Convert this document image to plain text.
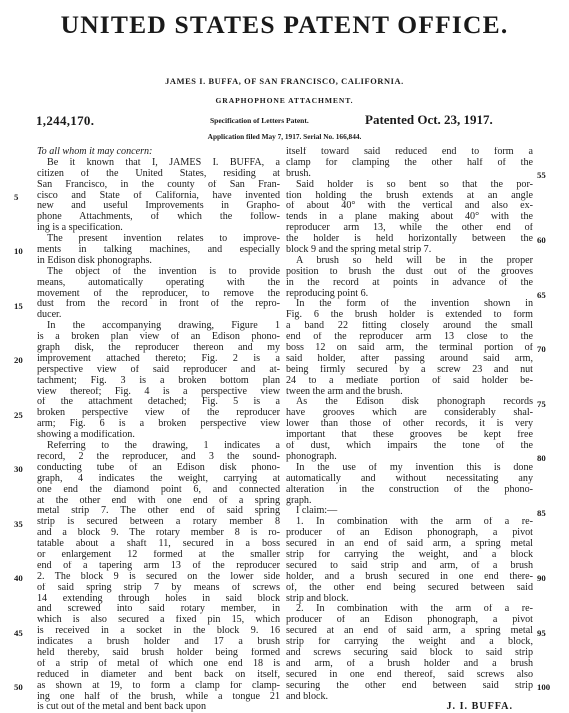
UNITED STATES PATENT OFFICE.
JAMES I. BUFFA, OF SAN FRANCISCO, CALIFORNIA.
GRAPHOPHONE ATTACHMENT.
1,244,170.	Specification of Letters Patent.	Patented Oct. 23, 1917.
Application filed May 7, 1917. Serial No. 166,844.
To all whom it may concern:
Be it known that I, JAMES I. BUFFA, a
citizen of the United States, residing at
San Francisco, in the county of San Fran-
cisco and State of California, have invented
new and useful Improvements in Grapho-
phone Attachments, of which the follow-
ing is a specification.
The present invention relates to improve-
ments in talking machines, and especially
in Edison disk phonographs.
The object of the invention is to provide
means, automatically operating with the
movement of the reproducer, to remove the
dust from the record in front of the repro-
ducer.
In the accompanying drawing, Figure 1
is a broken plan view of an Edison phono-
graph disk, the reproducer thereon and my
improvement attached thereto; Fig. 2 is a
perspective view of said reproducer and at-
tachment; Fig. 3 is a broken bottom plan
view thereof; Fig. 4 is a perspective view
of the attachment detached; Fig. 5 is a
broken perspective view of the reproducer
arm; Fig. 6 is a broken perspective view
showing a modification.
Referring to the drawing, 1 indicates a
record, 2 the reproducer, and 3 the sound-
conducting tube of an Edison disk phono-
graph, 4 indicates the weight, carrying at
one end the diamond point 6, and connected
at the other end with one end of a spring
metal strip 7. The other end of said spring
strip is secured between a rotary member 8
and a block 9. The rotary member 8 is ro-
tatable about a shaft 11, secured in a boss
or enlargement 12 formed at the smaller
end of a tapering arm 13 of the reproducer
2. The block 9 is secured on the lower side
of said spring strip 7 by means of screws
14 extending through holes in said block
and screwed into said rotary member, in
which is also secured a fixed pin 15, which
is received in a socket in the block 9. 16
indicates a brush holder and 17 a brush
held thereby, said brush holder being formed
of a strip of metal of which one end 18 is
reduced in diameter and bent back on itself,
as shown at 19, to form a clamp for clamp-
ing one half of the brush, while a tongue 21
is cut out of the metal and bent back upon
itself toward said reduced end to form a
clamp for clamping the other half of the
brush.
Said holder is so bent so that the por-
tion holding the brush extends at an angle
of about 40° with the vertical and also ex-
tends in a plane making about 40° with the
reproducer arm 13, while the other end of
the holder is held horizontally between the
block 9 and the spring metal strip 7.
A brush so held will be in the proper
position to brush the dust out of the grooves
in the record at points in advance of the
reproducing point 6.
In the form of the invention shown in
Fig. 6 the brush holder is extended to form
a band 22 fitting closely around the small
end of the reproducer arm 13 close to the
boss 12 on said arm, the terminal portion of
said holder, after passing around said arm,
being firmly secured by a screw 23 and nut
24 to a mediate portion of said holder be-
tween the arm and the brush.
As the Edison disk phonograph records
have grooves which are considerably shal-
lower than those of other records, it is very
important that these grooves be kept free
of dust, which impairs the tone of the
phonograph.
In the use of my invention this is done
automatically and without necessitating any
alteration in the construction of the phono-
graph.
I claim:—
1. In combination with the arm of a re-
producer of an Edison phonograph, a pivot
secured in an end of said arm, a spring metal
strip for carrying the weight, and a block
secured to said strip and arm, of a brush
holder, and a brush secured in one end there-
of, the other end being secured between said
strip and block.
2. In combination with the arm of a re-
producer of an Edison phonograph, a pivot
secured at an end of said arm, a spring metal
strip for carrying the weight and a block,
and screws securing said block to said strip
and arm, of a brush holder and a brush
secured in one end thereof, said screws also
securing the other end between said strip
and block.
J. I. BUFFA.
5
10
15
20
25
30
35
40
45
50
55
60
65
70
75
80
85
90
95
100
